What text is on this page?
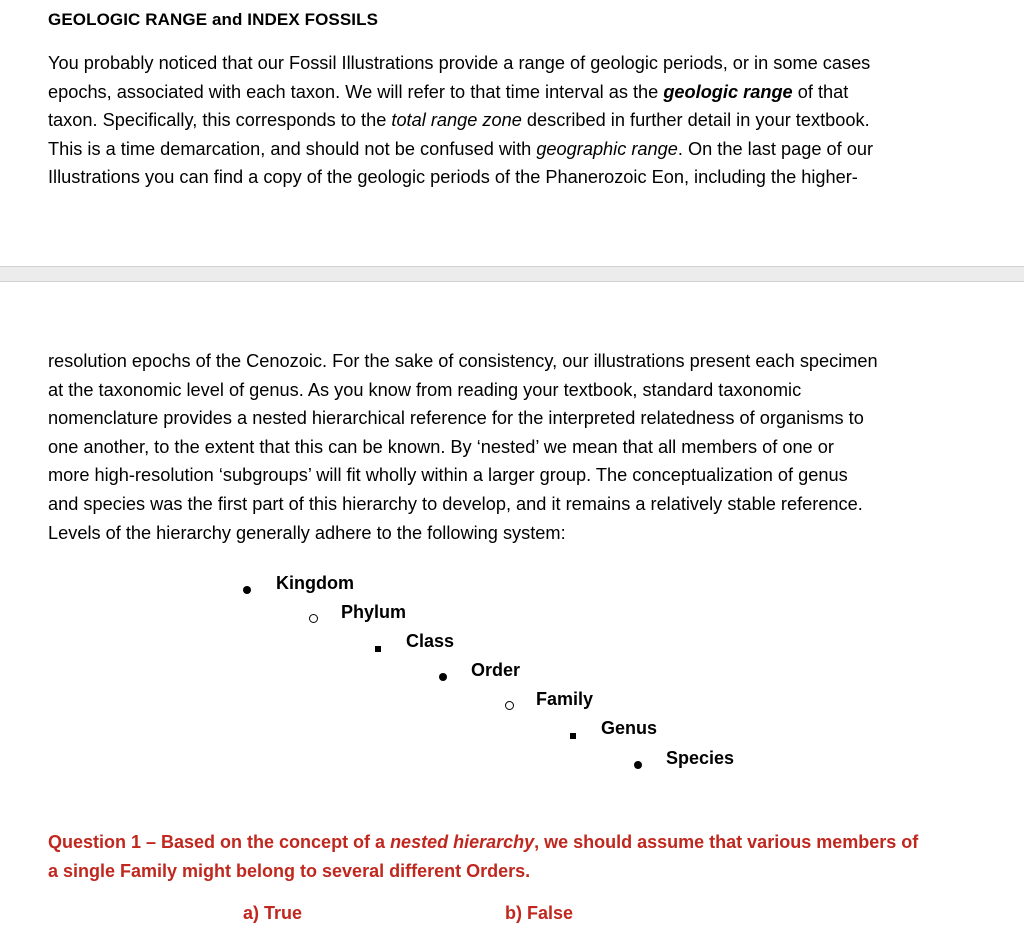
GEOLOGIC RANGE and INDEX FOSSILS
You probably noticed that our Fossil Illustrations provide a range of geologic periods, or in some cases
epochs, associated with each taxon. We will refer to that time interval as the geologic range of that
taxon. Specifically, this corresponds to the total range zone described in further detail in your textbook.
This is a time demarcation, and should not be confused with geographic range. On the last page of our
Illustrations you can find a copy of the geologic periods of the Phanerozoic Eon, including the higher-
resolution epochs of the Cenozoic. For the sake of consistency, our illustrations present each specimen
at the taxonomic level of genus. As you know from reading your textbook, standard taxonomic
nomenclature provides a nested hierarchical reference for the interpreted relatedness of organisms to
one another, to the extent that this can be known. By ‘nested’ we mean that all members of one or
more high-resolution ‘subgroups’ will fit wholly within a larger group. The conceptualization of genus
and species was the first part of this hierarchy to develop, and it remains a relatively stable reference.
Levels of the hierarchy generally adhere to the following system:
Kingdom
Phylum
Class
Order
Family
Genus
Species
Question 1 – Based on the concept of a nested hierarchy, we should assume that various members of
a single Family might belong to several different Orders.
a) True	b) False
